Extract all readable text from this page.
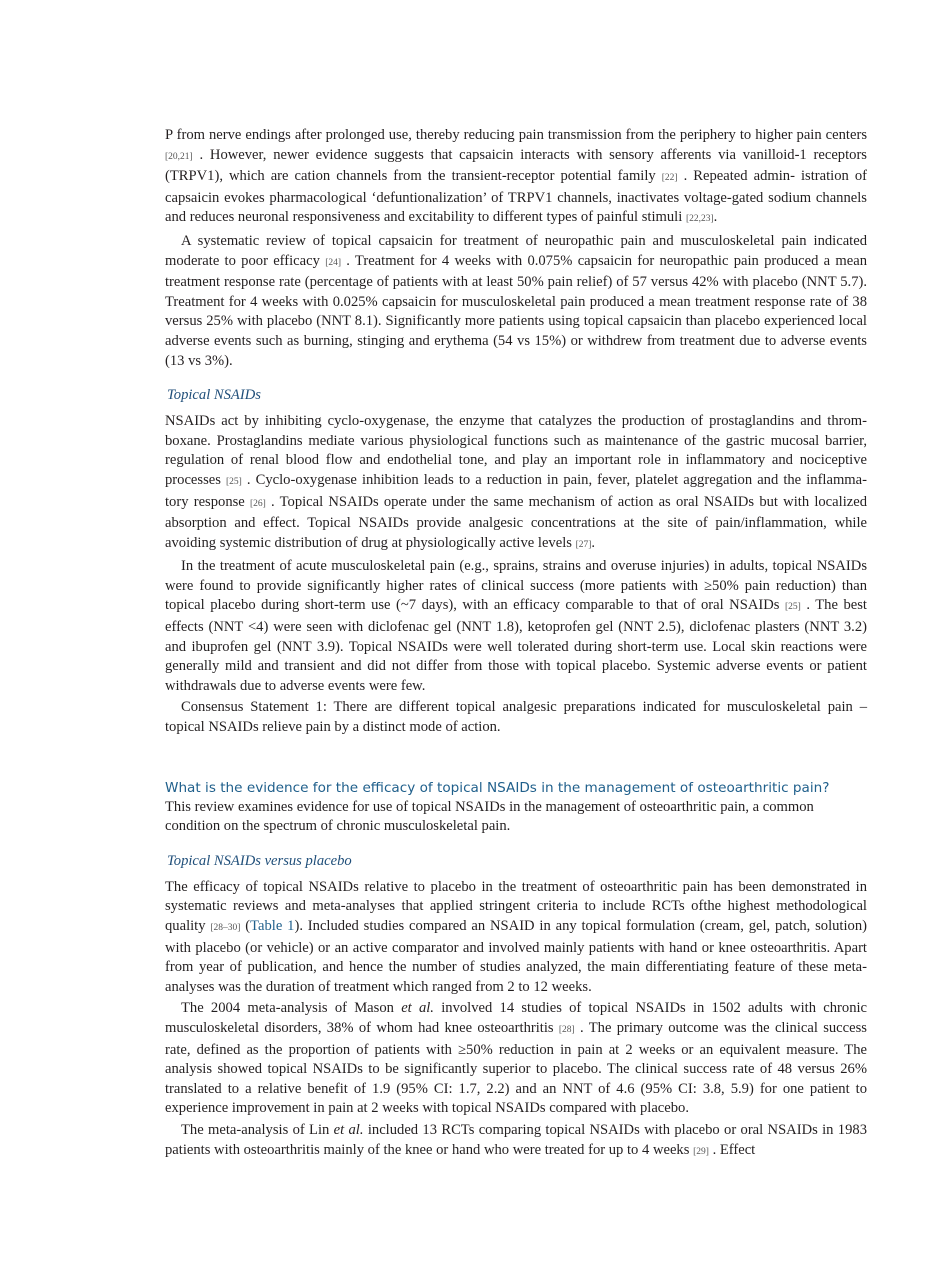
P from nerve endings after prolonged use, thereby reducing pain transmission from the periphery to higher pain centers [20,21] . However, newer evidence suggests that capsaicin interacts with sensory afferents via vanilloid-1 receptors (TRPV1), which are cation channels from the transient-receptor potential family [22] . Repeated admin- istration of capsaicin evokes pharmacological ‘defuntionalization’ of TRPV1 channels, inactivates voltage-gated sodium channels and reduces neuronal responsiveness and excitability to different types of painful stimuli [22,23].

A systematic review of topical capsaicin for treatment of neuropathic pain and musculoskeletal pain indicated moderate to poor efficacy [24] . Treatment for 4 weeks with 0.075% capsaicin for neuropathic pain produced a mean treatment response rate (percentage of patients with at least 50% pain relief) of 57 versus 42% with placebo (NNT 5.7). Treatment for 4 weeks with 0.025% capsaicin for musculoskeletal pain produced a mean treatment response rate of 38 versus 25% with placebo (NNT 8.1). Significantly more patients using topical capsaicin than placebo experienced local adverse events such as burning, stinging and erythema (54 vs 15%) or withdrew from treatment due to adverse events (13 vs 3%).

Topical NSAIDs

NSAIDs act by inhibiting cyclo-oxygenase, the enzyme that catalyzes the production of prostaglandins and throm- boxane. Prostaglandins mediate various physiological functions such as maintenance of the gastric mucosal barrier, regulation of renal blood flow and endothelial tone, and play an important role in inflammatory and nociceptive processes [25] . Cyclo-oxygenase inhibition leads to a reduction in pain, fever, platelet aggregation and the inflamma- tory response [26] . Topical NSAIDs operate under the same mechanism of action as oral NSAIDs but with localized absorption and effect. Topical NSAIDs provide analgesic concentrations at the site of pain/inflammation, while avoiding systemic distribution of drug at physiologically active levels [27].

In the treatment of acute musculoskeletal pain (e.g., sprains, strains and overuse injuries) in adults, topical NSAIDs were found to provide significantly higher rates of clinical success (more patients with ≥50% pain reduction) than topical placebo during short-term use (~7 days), with an efficacy comparable to that of oral NSAIDs [25] . The best effects (NNT <4) were seen with diclofenac gel (NNT 1.8), ketoprofen gel (NNT 2.5), diclofenac plasters (NNT 3.2) and ibuprofen gel (NNT 3.9). Topical NSAIDs were well tolerated during short-term use. Local skin reactions were generally mild and transient and did not differ from those with topical placebo. Systemic adverse events or patient withdrawals due to adverse events were few.

Consensus Statement 1: There are different topical analgesic preparations indicated for musculoskeletal pain – topical NSAIDs relieve pain by a distinct mode of action.

What is the evidence for the efficacy of topical NSAIDs in the management of osteoarthritic pain?

This review examines evidence for use of topical NSAIDs in the management of osteoarthritic pain, a common condition on the spectrum of chronic musculoskeletal pain.

Topical NSAIDs versus placebo

The efficacy of topical NSAIDs relative to placebo in the treatment of osteoarthritic pain has been demonstrated in systematic reviews and meta-analyses that applied stringent criteria to include RCTs ofthe highest methodological quality [28–30] (Table 1). Included studies compared an NSAID in any topical formulation (cream, gel, patch, solution) with placebo (or vehicle) or an active comparator and involved mainly patients with hand or knee osteoarthritis. Apart from year of publication, and hence the number of studies analyzed, the main differentiating feature of these meta-analyses was the duration of treatment which ranged from 2 to 12 weeks.

The 2004 meta-analysis of Mason et al. involved 14 studies of topical NSAIDs in 1502 adults with chronic musculoskeletal disorders, 38% of whom had knee osteoarthritis [28] . The primary outcome was the clinical success rate, defined as the proportion of patients with ≥50% reduction in pain at 2 weeks or an equivalent measure. The analysis showed topical NSAIDs to be significantly superior to placebo. The clinical success rate of 48 versus 26% translated to a relative benefit of 1.9 (95% CI: 1.7, 2.2) and an NNT of 4.6 (95% CI: 3.8, 5.9) for one patient to experience improvement in pain at 2 weeks with topical NSAIDs compared with placebo.

The meta-analysis of Lin et al. included 13 RCTs comparing topical NSAIDs with placebo or oral NSAIDs in 1983 patients with osteoarthritis mainly of the knee or hand who were treated for up to 4 weeks [29] . Effect
